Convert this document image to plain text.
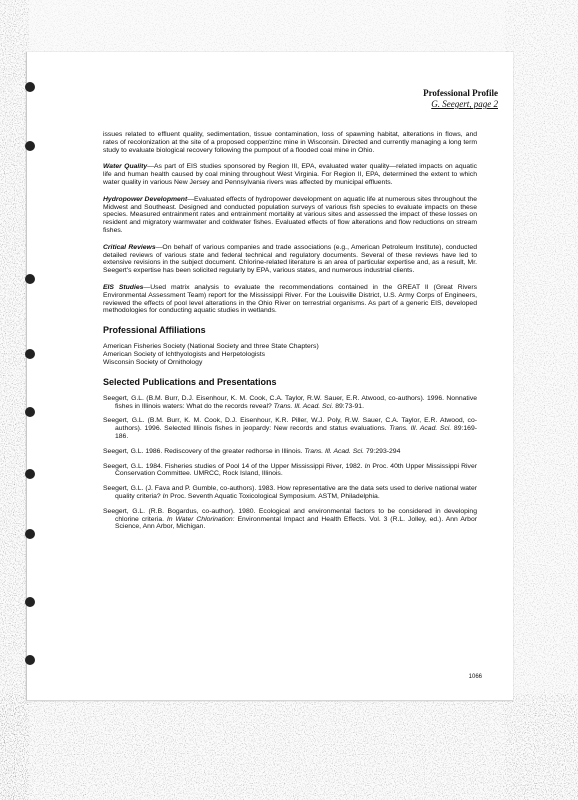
Professional Profile
G. Seegert, page 2

issues related to effluent quality, sedimentation, tissue contamination, loss of spawning habitat, alterations in flows, and rates of recolonization at the site of a proposed copper/zinc mine in Wisconsin. Directed and currently managing a long term study to evaluate biological recovery following the pumpout of a flooded coal mine in Ohio.

Water Quality—As part of EIS studies sponsored by Region III, EPA, evaluated water quality—related impacts on aquatic life and human health caused by coal mining throughout West Virginia. For Region II, EPA, determined the extent to which water quality in various New Jersey and Pennsylvania rivers was affected by municipal effluents.

Hydropower Development—Evaluated effects of hydropower development on aquatic life at numerous sites throughout the Midwest and Southeast. Designed and conducted population surveys of various fish species to evaluate impacts on these species. Measured entrainment rates and entrainment mortality at various sites and assessed the impact of these losses on resident and migratory warmwater and coldwater fishes. Evaluated effects of flow alterations and flow reductions on stream fishes.

Critical Reviews—On behalf of various companies and trade associations (e.g., American Petroleum Institute), conducted detailed reviews of various state and federal technical and regulatory documents. Several of these reviews have led to extensive revisions in the subject document. Chlorine-related literature is an area of particular expertise and, as a result, Mr. Seegert's expertise has been solicited regularly by EPA, various states, and numerous industrial clients.

EIS Studies—Used matrix analysis to evaluate the recommendations contained in the GREAT II (Great Rivers Environmental Assessment Team) report for the Mississippi River. For the Louisville District, U.S. Army Corps of Engineers, reviewed the effects of pool level alterations in the Ohio River on terrestrial organisms. As part of a generic EIS, developed methodologies for conducting aquatic studies in wetlands.

Professional Affiliations
American Fisheries Society (National Society and three State Chapters)
American Society of Ichthyologists and Herpetologists
Wisconsin Society of Ornithology
Selected Publications and Presentations

Seegert, G.L. (B.M. Burr, D.J. Eisenhour, K. M. Cook, C.A. Taylor, R.W. Sauer, E.R. Atwood, co-authors). 1996. Nonnative fishes in Illinois waters: What do the records reveal? Trans. Ill. Acad. Sci. 89:73-91.

Seegert, G.L. (B.M. Burr, K. M. Cook, D.J. Eisenhour, K.R. Piller, W.J. Poly, R.W. Sauer, C.A. Taylor, E.R. Atwood, co-authors). 1996. Selected Illinois fishes in jeopardy: New records and status evaluations. Trans. Ill. Acad. Sci. 89:169-186.

Seegert, G.L. 1986. Rediscovery of the greater redhorse in Illinois. Trans. Ill. Acad. Sci. 79:293-294

Seegert, G.L. 1984. Fisheries studies of Pool 14 of the Upper Mississippi River, 1982. In Proc. 40th Upper Mississippi River Conservation Committee. UMRCC, Rock Island, Illinois.

Seegert, G.L. (J. Fava and P. Gumble, co-authors). 1983. How representative are the data sets used to derive national water quality criteria? In Proc. Seventh Aquatic Toxicological Symposium. ASTM, Philadelphia.

Seegert, G.L. (R.B. Bogardus, co-author). 1980. Ecological and environmental factors to be considered in developing chlorine criteria. In Water Chlorination: Environmental Impact and Health Effects. Vol. 3 (R.L. Jolley, ed.). Ann Arbor Science, Ann Arbor, Michigan.

1066
